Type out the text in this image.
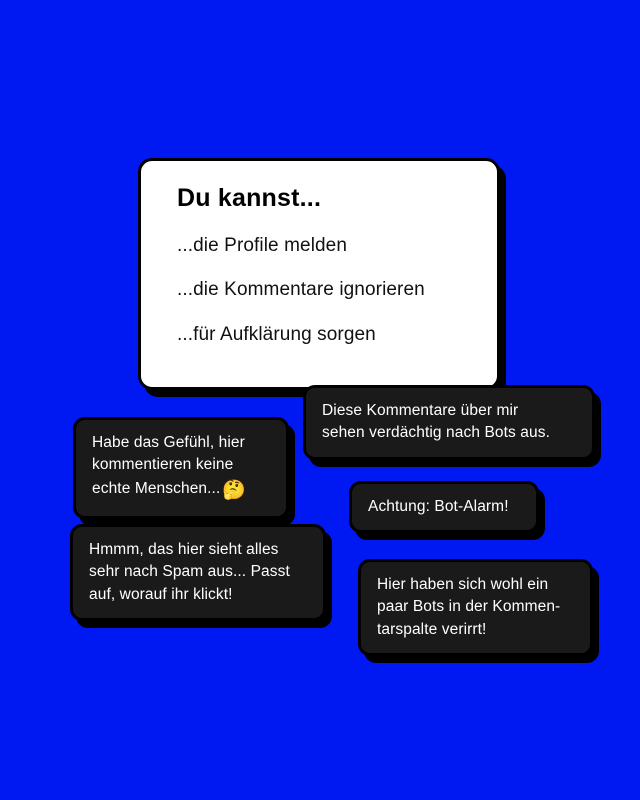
Du kannst...
...die Profile melden
...die Kommentare ignorieren
...für Aufklärung sorgen
Diese Kommentare über mir
sehen verdächtig nach Bots aus.
Habe das Gefühl, hier
kommentieren keine
echte Menschen... 🤔
Achtung: Bot-Alarm!
Hmmm, das hier sieht alles
sehr nach Spam aus... Passt
auf, worauf ihr klickt!
Hier haben sich wohl ein
paar Bots in der Kommen-
tarspalte verirrt!
